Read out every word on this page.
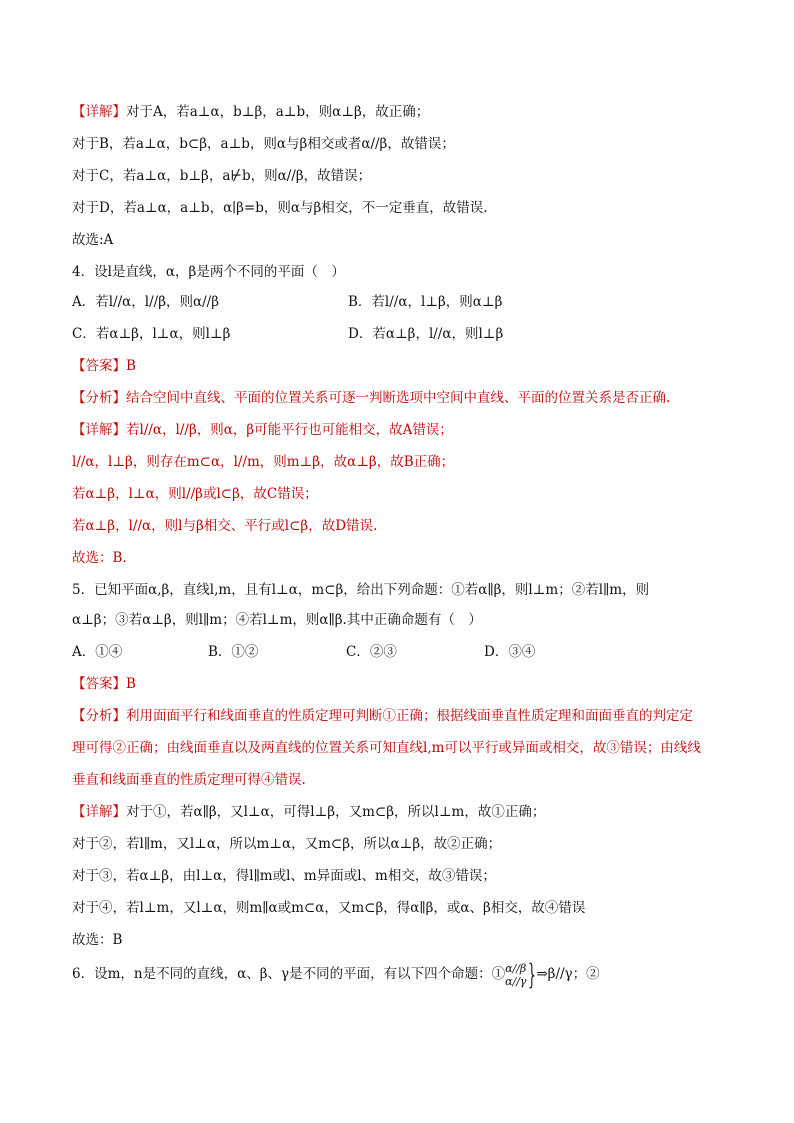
【详解】对于A，若a⊥α，b⊥β，a⊥b，则α⊥β，故正确；
对于B，若a⊥α，b⊂β，a⊥b，则α与β相交或者α//β，故错误；
对于C，若a⊥α，b⊥β，a⊬b，则α//β，故错误；
对于D，若a⊥α，a⊥b，α∣β=b，则α与β相交，不一定垂直，故错误.
故选:A
4．设l是直线，α，β是两个不同的平面（　）
A．若l//α，l//β，则α//β	B．若l//α，l⊥β，则α⊥β
C．若α⊥β，l⊥α，则l⊥β	D．若α⊥β，l//α，则l⊥β
【答案】B
【分析】结合空间中直线、平面的位置关系可逐一判断选项中空间中直线、平面的位置关系是否正确.
【详解】若l//α，l//β，则α，β可能平行也可能相交，故A错误；
l//α，l⊥β，则存在m⊂α，l//m，则m⊥β，故α⊥β，故B正确；
若α⊥β，l⊥α，则l//β或l⊂β，故C错误；
若α⊥β，l//α，则l与β相交、平行或l⊂β，故D错误.
故选：B.
5．已知平面α,β，直线l,m，且有l⊥α，m⊂β，给出下列命题：①若α∥β，则l⊥m；②若l∥m，则
α⊥β；③若α⊥β，则l∥m；④若l⊥m，则α∥β.其中正确命题有（　）
A．①④	B．①②	C．②③	D．③④
【答案】B
【分析】利用面面平行和线面垂直的性质定理可判断①正确；根据线面垂直性质定理和面面垂直的判定定
理可得②正确；由线面垂直以及两直线的位置关系可知直线l,m可以平行或异面或相交，故③错误；由线线
垂直和线面垂直的性质定理可得④错误.
【详解】对于①，若α∥β，又l⊥α，可得l⊥β，又m⊂β，所以l⊥m，故①正确；
对于②，若l∥m，又l⊥α，所以m⊥α，又m⊂β，所以α⊥β，故②正确；
对于③，若α⊥β，由l⊥α，得l∥m或l、m异面或l、m相交，故③错误；
对于④，若l⊥m，又l⊥α，则m∥α或m⊂α，又m⊂β，得α∥β，或α、β相交，故④错误
故选：B
6．设m，n是不同的直线，α、β、γ是不同的平面，有以下四个命题：① α//β
α//γ }⇒β//γ；②
